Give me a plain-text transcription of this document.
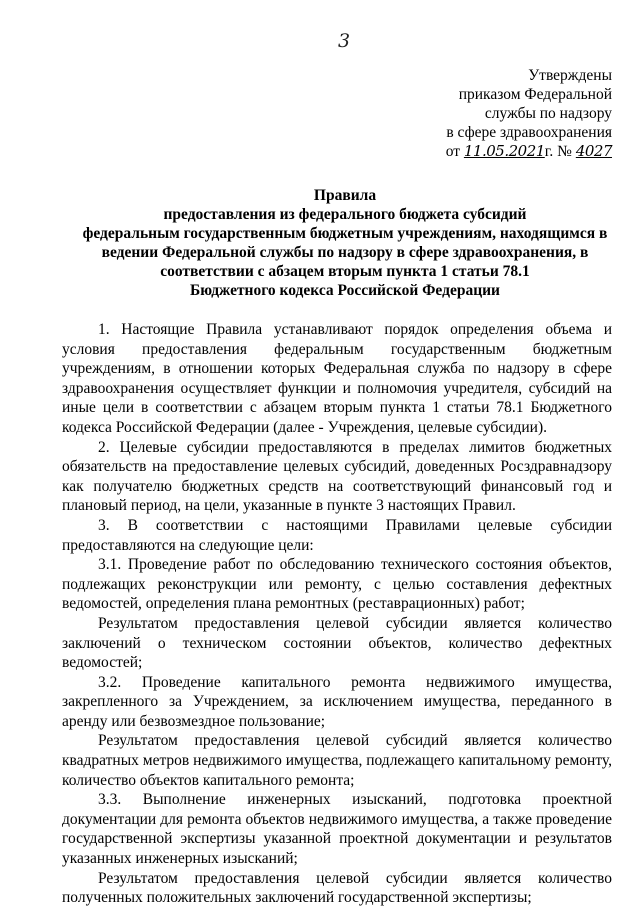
3
Утверждены
приказом Федеральной
службы по надзору
в сфере здравоохранения
от 11.05.2021г. № 4027
Правила
предоставления из федерального бюджета субсидий
федеральным государственным бюджетным учреждениям, находящимся в
ведении Федеральной службы по надзору в сфере здравоохранения, в
соответствии с абзацем вторым пункта 1 статьи 78.1
Бюджетного кодекса Российской Федерации

1. Настоящие Правила устанавливают порядок определения объема и условия предоставления федеральным государственным бюджетным учреждениям, в отношении которых Федеральная служба по надзору в сфере здравоохранения осуществляет функции и полномочия учредителя, субсидий на иные цели в соответствии с абзацем вторым пункта 1 статьи 78.1 Бюджетного кодекса Российской Федерации (далее - Учреждения, целевые субсидии).

2. Целевые субсидии предоставляются в пределах лимитов бюджетных обязательств на предоставление целевых субсидий, доведенных Росздравнадзору как получателю бюджетных средств на соответствующий финансовый год и плановый период, на цели, указанные в пункте 3 настоящих Правил.

3. В соответствии с настоящими Правилами целевые субсидии предоставляются на следующие цели:

3.1. Проведение работ по обследованию технического состояния объектов, подлежащих реконструкции или ремонту, с целью составления дефектных ведомостей, определения плана ремонтных (реставрационных) работ;

Результатом предоставления целевой субсидии является количество заключений о техническом состоянии объектов, количество дефектных ведомостей;

3.2. Проведение капитального ремонта недвижимого имущества, закрепленного за Учреждением, за исключением имущества, переданного в аренду или безвозмездное пользование;

Результатом предоставления целевой субсидий является количество квадратных метров недвижимого имущества, подлежащего капитальному ремонту, количество объектов капитального ремонта;

3.3. Выполнение инженерных изысканий, подготовка проектной документации для ремонта объектов недвижимого имущества, а также проведение государственной экспертизы указанной проектной документации и результатов указанных инженерных изысканий;

Результатом предоставления целевой субсидии является количество полученных положительных заключений государственной экспертизы;
